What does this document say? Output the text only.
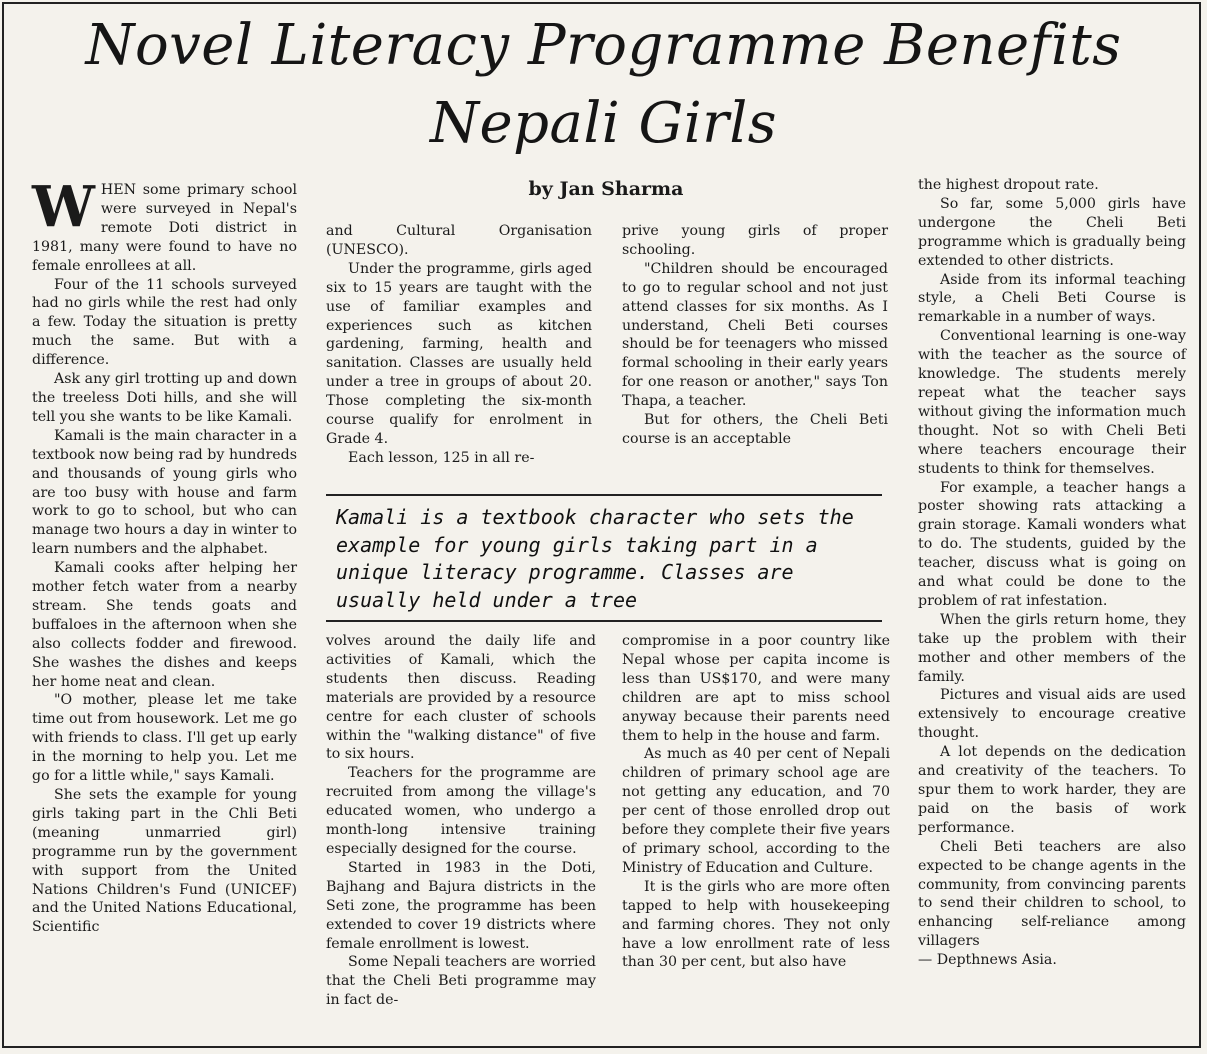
Novel Literacy Programme Benefits
Nepali Girls

WHEN some primary school were surveyed in Nepal's remote Doti district in 1981, many were found to have no female enrollees at all.

Four of the 11 schools surveyed had no girls while the rest had only a few. Today the situation is pretty much the same. But with a difference.

Ask any girl trotting up and down the treeless Doti hills, and she will tell you she wants to be like Kamali.

Kamali is the main character in a textbook now being rad by hundreds and thousands of young girls who are too busy with house and farm work to go to school, but who can manage two hours a day in winter to learn numbers and the alphabet.

Kamali cooks after helping her mother fetch water from a nearby stream. She tends goats and buffaloes in the afternoon when she also collects fodder and firewood. She washes the dishes and keeps her home neat and clean.

"O mother, please let me take time out from housework. Let me go with friends to class. I'll get up early in the morning to help you. Let me go for a little while," says Kamali.

She sets the example for young girls taking part in the Chli Beti (meaning unmarried girl) programme run by the government with support from the United Nations Children's Fund (UNICEF) and the United Nations Educational, Scientific

by Jan Sharma

and Cultural Organisation (UNESCO).

Under the programme, girls aged six to 15 years are taught with the use of familiar examples and experiences such as kitchen gardening, farming, health and sanitation. Classes are usually held under a tree in groups of about 20. Those completing the six-month course qualify for enrolment in Grade 4.

Each lesson, 125 in all re-

prive young girls of proper schooling.

"Children should be encouraged to go to regular school and not just attend classes for six months. As I understand, Cheli Beti courses should be for teenagers who missed formal schooling in their early years for one reason or another," says Ton Thapa, a teacher.

But for others, the Cheli Beti course is an acceptable

Kamali is a textbook character who sets the example for young girls taking part in a unique literacy programme. Classes are usually held under a tree

volves around the daily life and activities of Kamali, which the students then discuss. Reading materials are provided by a resource centre for each cluster of schools within the "walking distance" of five to six hours.

Teachers for the programme are recruited from among the village's educated women, who undergo a month-long intensive training especially designed for the course.

Started in 1983 in the Doti, Bajhang and Bajura districts in the Seti zone, the programme has been extended to cover 19 districts where female enrollment is lowest.

Some Nepali teachers are worried that the Cheli Beti programme may in fact de-

compromise in a poor country like Nepal whose per capita income is less than US$170, and were many children are apt to miss school anyway because their parents need them to help in the house and farm.

As much as 40 per cent of Nepali children of primary school age are not getting any education, and 70 per cent of those enrolled drop out before they complete their five years of primary school, according to the Ministry of Education and Culture.

It is the girls who are more often tapped to help with housekeeping and farming chores. They not only have a low enrollment rate of less than 30 per cent, but also have

the highest dropout rate.

So far, some 5,000 girls have undergone the Cheli Beti programme which is gradually being extended to other districts.

Aside from its informal teaching style, a Cheli Beti Course is remarkable in a number of ways.

Conventional learning is one-way with the teacher as the source of knowledge. The students merely repeat what the teacher says without giving the information much thought. Not so with Cheli Beti where teachers encourage their students to think for themselves.

For example, a teacher hangs a poster showing rats attacking a grain storage. Kamali wonders what to do. The students, guided by the teacher, discuss what is going on and what could be done to the problem of rat infestation.

When the girls return home, they take up the problem with their mother and other members of the family.

Pictures and visual aids are used extensively to encourage creative thought.

A lot depends on the dedication and creativity of the teachers. To spur them to work harder, they are paid on the basis of work performance.

Cheli Beti teachers are also expected to be change agents in the community, from convincing parents to send their children to school, to enhancing self-reliance among villagers

— Depthnews Asia.
